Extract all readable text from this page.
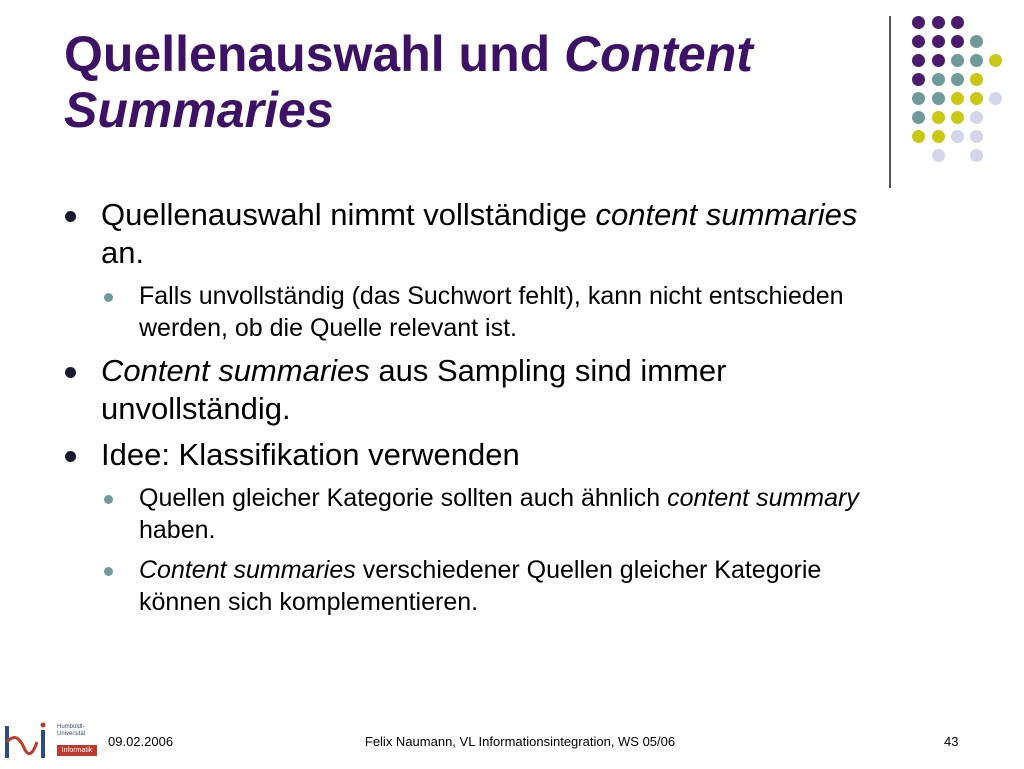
Quellenauswahl und Content Summaries

Quellenauswahl nimmt vollständige content summaries an.

Falls unvollständig (das Suchwort fehlt), kann nicht entschieden werden, ob die Quelle relevant ist.

Content summaries aus Sampling sind immer unvollständig.

Idee: Klassifikation verwenden

Quellen gleicher Kategorie sollten auch ähnlich content summary haben.

Content summaries verschiedener Quellen gleicher Kategorie können sich komplementieren.

Humboldt-
Universität
Informatik
09.02.2006	Felix Naumann, VL Informationsintegration, WS 05/06	43
